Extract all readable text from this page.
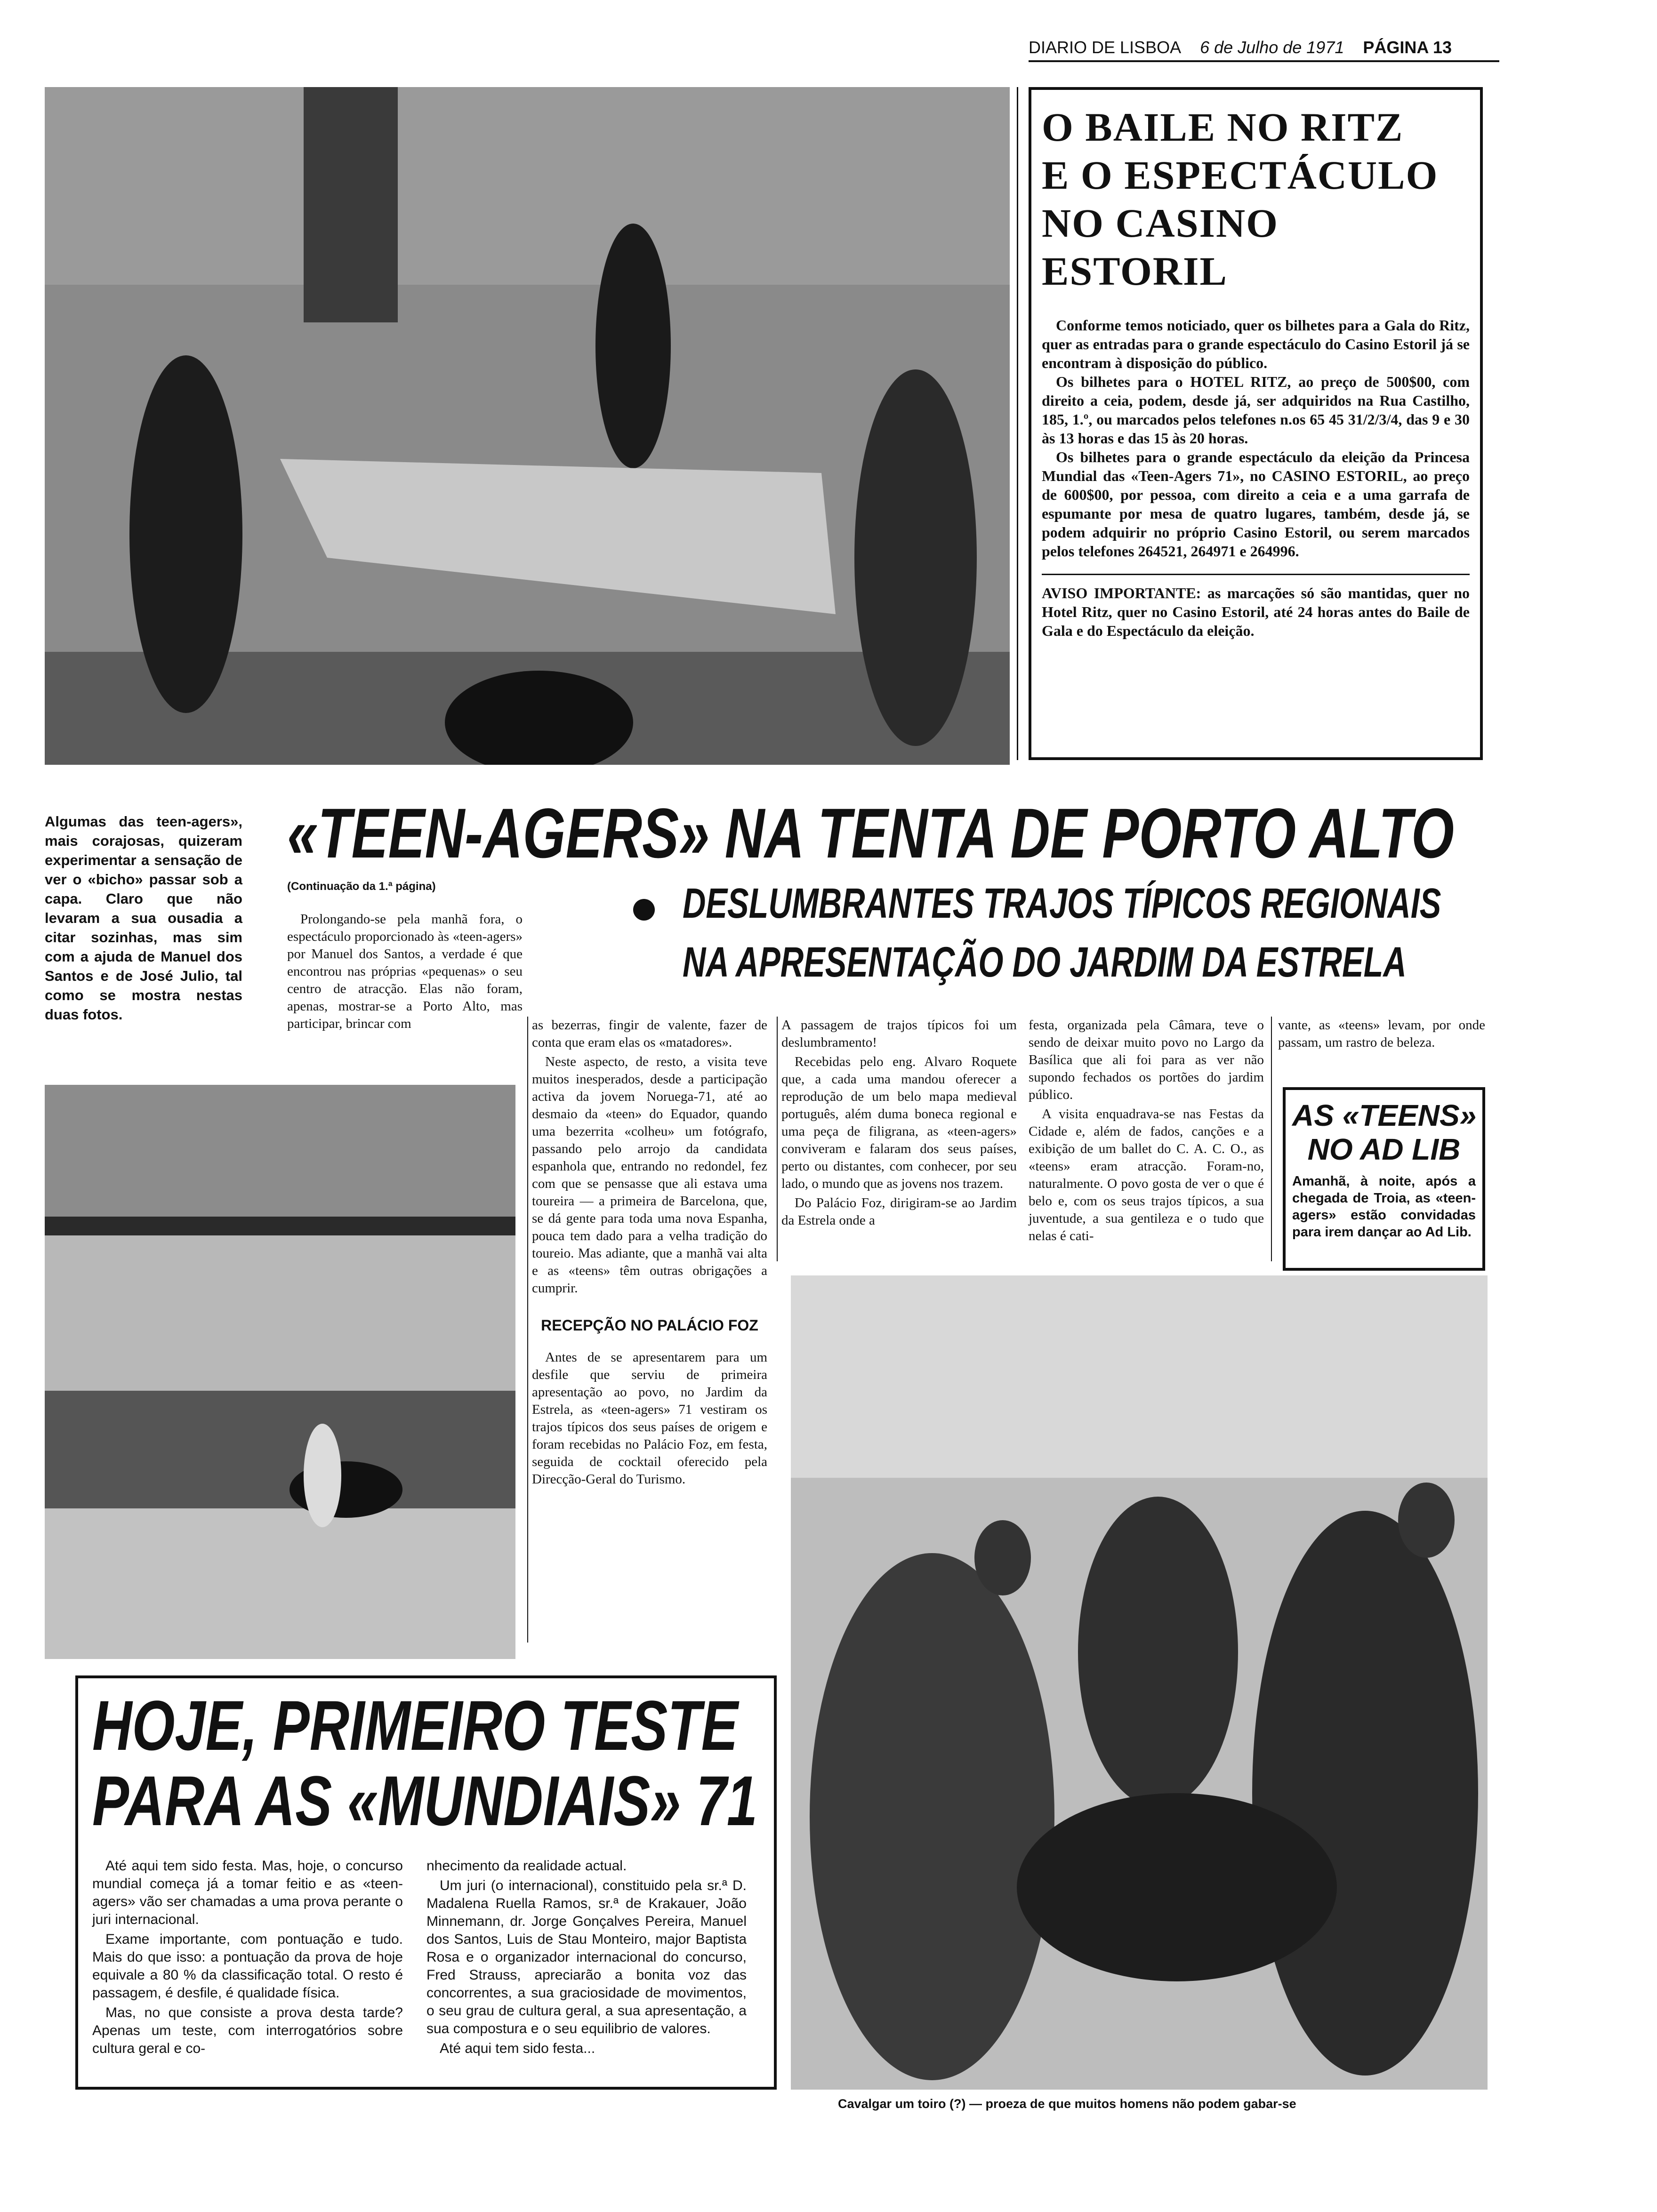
DIARIO DE LISBOA 6 de Julho de 1971 PÁGINA 13
O BAILE NO RITZ
E O ESPECTÁCULO
NO CASINO ESTORIL

Conforme temos noticiado, quer os bilhetes para a Gala do Ritz, quer as entradas para o grande espectáculo do Casino Estoril já se encontram à disposição do público.

Os bilhetes para o HOTEL RITZ, ao preço de 500$00, com direito a ceia, podem, desde já, ser adquiridos na Rua Castilho, 185, 1.º, ou marcados pelos telefones n.os 65 45 31/2/3/4, das 9 e 30 às 13 horas e das 15 às 20 horas.

Os bilhetes para o grande espectáculo da eleição da Princesa Mundial das «Teen-Agers 71», no CASINO ESTORIL, ao preço de 600$00, por pessoa, com direito a ceia e a uma garrafa de espumante por mesa de quatro lugares, também, desde já, se podem adquirir no próprio Casino Estoril, ou serem marcados pelos telefones 264521, 264971 e 264996.

AVISO IMPORTANTE: as marcações só são mantidas, quer no Hotel Ritz, quer no Casino Estoril, até 24 horas antes do Baile de Gala e do Espectáculo da eleição.
Algumas das teen-agers», mais corajosas, quizeram experimentar a sensação de ver o «bicho» passar sob a capa. Claro que não levaram a sua ousadia a citar sozinhas, mas sim com a ajuda de Manuel dos Santos e de José Julio, tal como se mostra nestas duas fotos.
«TEEN-AGERS» NA TENTA DE PORTO ALTO
(Continuação da 1.ª página)	DESLUMBRANTES TRAJOS TÍPICOS REGIONAIS
NA APRESENTAÇÃO DO JARDIM DA ESTRELA

Prolongando-se pela manhã fora, o espectáculo proporcionado às «teen-agers» por Manuel dos Santos, a verdade é que encontrou nas próprias «pequenas» o seu centro de atracção. Elas não foram, apenas, mostrar-se a Porto Alto, mas participar, brincar com	as bezerras, fingir de valente, fazer de conta que eram elas os «matadores».

Neste aspecto, de resto, a visita teve muitos inesperados, desde a participação activa da jovem Noruega-71, até ao desmaio da «teen» do Equador, quando uma bezerrita «colheu» um fotógrafo, passando pelo arrojo da candidata espanhola que, entrando no redondel, fez com que se pensasse que ali estava uma toureira — a primeira de Barcelona, que, se dá gente para toda uma nova Espanha, pouca tem dado para a velha tradição do toureio. Mas adiante, que a manhã vai alta e as «teens» têm outras obrigações a cumprir.

RECEPÇÃO NO PALÁCIO FOZ

Antes de se apresentarem para um desfile que serviu de primeira apresentação ao povo, no Jardim da Estrela, as «teen-agers» 71 vestiram os trajos típicos dos seus países de origem e foram recebidas no Palácio Foz, em festa, seguida de cocktail oferecido pela Direcção-Geral do Turismo.

A passagem de trajos típicos foi um deslumbramento!

Recebidas pelo eng. Alvaro Roquete que, a cada uma mandou oferecer a reprodução de um belo mapa medieval português, além duma boneca regional e uma peça de filigrana, as «teen-agers» conviveram e falaram dos seus países, perto ou distantes, com conhecer, por seu lado, o mundo que as jovens nos trazem.

Do Palácio Foz, dirigiram-se ao Jardim da Estrela onde a

festa, organizada pela Câmara, teve o sendo de deixar muito povo no Largo da Basílica que ali foi para as ver não supondo fechados os portões do jardim público.

A visita enquadrava-se nas Festas da Cidade e, além de fados, canções e a exibição de um ballet do C. A. C. O., as «teens» eram atracção. Foram-no, naturalmente. O povo gosta de ver o que é belo e, com os seus trajos típicos, a sua juventude, a sua gentileza e o tudo que nelas é cati-

vante, as «teens» levam, por onde passam, um rastro de beleza.

AS «TEENS»
NO AD LIB
Amanhã, à noite, após a chegada de Troia, as «teen-agers» estão convidadas para irem dançar ao Ad Lib.
Cavalgar um toiro (?) — proeza de que muitos homens não podem gabar-se
HOJE, PRIMEIRO TESTE
PARA AS «MUNDIAIS» 71

Até aqui tem sido festa. Mas, hoje, o concurso mundial começa já a tomar feitio e as «teen-agers» vão ser chamadas a uma prova perante o juri internacional.

Exame importante, com pontuação e tudo. Mais do que isso: a pontuação da prova de hoje equivale a 80 % da classificação total. O resto é passagem, é desfile, é qualidade física.

Mas, no que consiste a prova desta tarde? Apenas um teste, com interrogatórios sobre cultura geral e co-

nhecimento da realidade actual.

Um juri (o internacional), constituido pela sr.ª D. Madalena Ruella Ramos, sr.ª de Krakauer, João Minnemann, dr. Jorge Gonçalves Pereira, Manuel dos Santos, Luis de Stau Monteiro, major Baptista Rosa e o organizador internacional do concurso, Fred Strauss, apreciarão a bonita voz das concorrentes, a sua graciosidade de movimentos, o seu grau de cultura geral, a sua apresentação, a sua compostura e o seu equilibrio de valores.

Até aqui tem sido festa...
